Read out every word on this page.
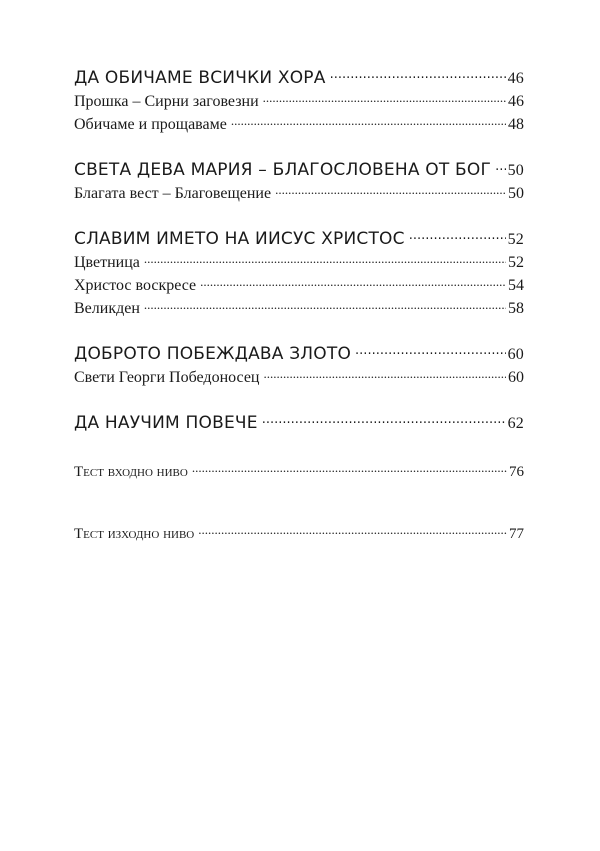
ДА ОБИЧАМЕ ВСИЧКИ ХОРА .....	46
Прошка – Сирни заговезни .....	46
Обичаме и прощаваме .....	48
СВЕТА ДЕВА МАРИЯ – БЛАГОСЛОВЕНА ОТ БОГ ..... 50
Благата вест – Благовещение .....	50
СЛАВИМ ИМЕТО НА ИИСУС ХРИСТОС .....	52
Цветница .....	52
Христос воскресе .....	54
Великден .....	58
ДОБРОТО ПОБЕЖДАВА ЗЛОТО .....	60
Свети Георги Победоносец .....	60
ДА НАУЧИМ ПОВЕЧЕ .....	62
Тест входно ниво .....	76
Тест изходно ниво .....	77
